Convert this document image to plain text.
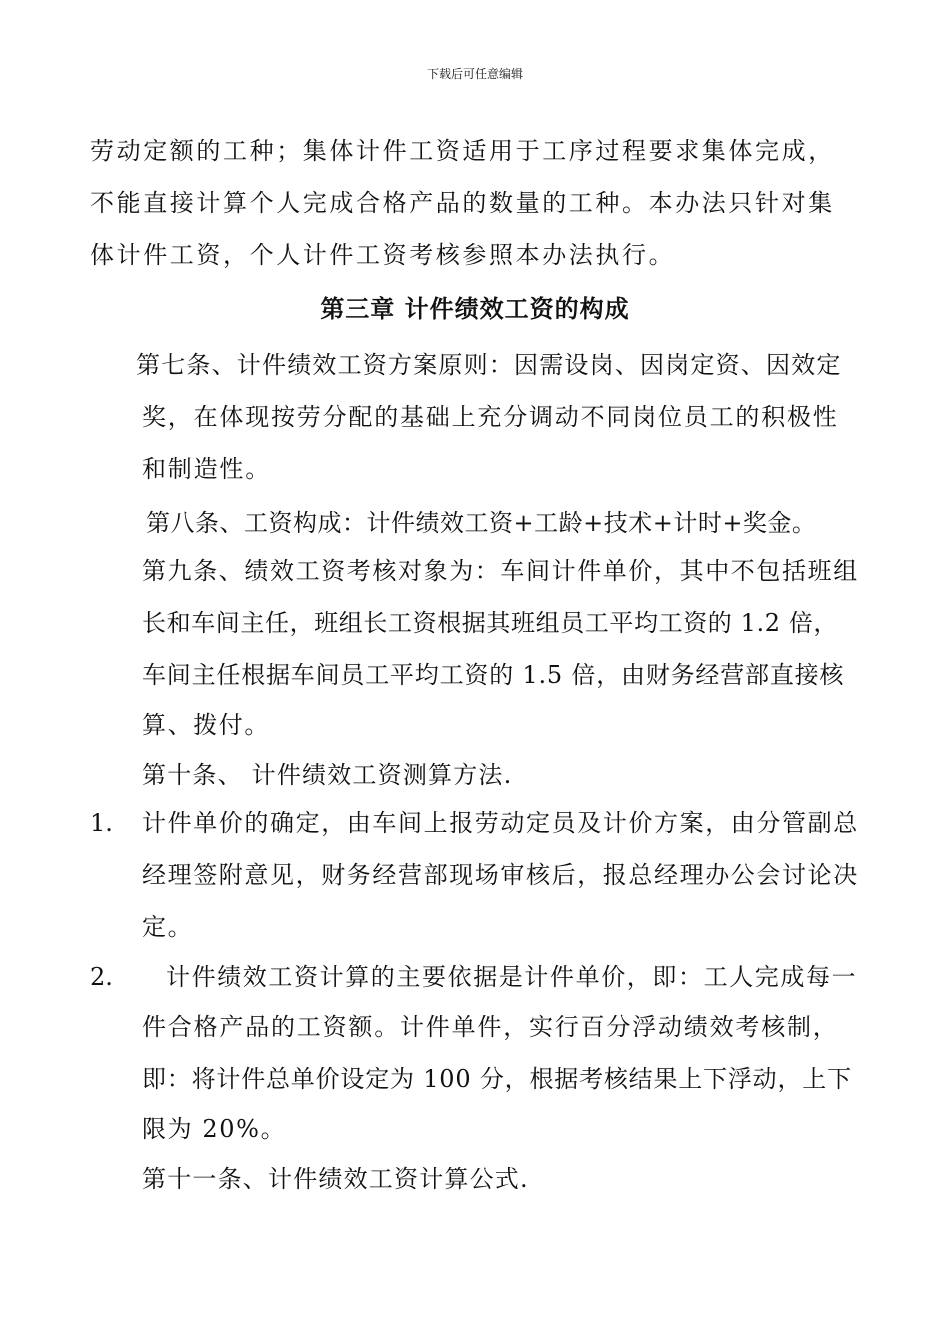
下载后可任意编辑
劳动定额的工种；集体计件工资适用于工序过程要求集体完成，
不能直接计算个人完成合格产品的数量的工种。本办法只针对集
体计件工资，个人计件工资考核参照本办法执行。
第三章 计件绩效工资的构成
第七条、计件绩效工资方案原则：因需设岗、因岗定资、因效定
奖，在体现按劳分配的基础上充分调动不同岗位员工的积极性
和制造性。
第八条、工资构成：计件绩效工资+工龄+技术+计时+奖金。
第九条、绩效工资考核对象为：车间计件单价，其中不包括班组
长和车间主任，班组长工资根据其班组员工平均工资的 1.2 倍，
车间主任根据车间员工平均工资的 1.5 倍，由财务经营部直接核
算、拨付。
第十条、 计件绩效工资测算方法.
1. 计件单价的确定，由车间上报劳动定员及计价方案，由分管副总
经理签附意见，财务经营部现场审核后，报总经理办公会讨论决
定。
2. 计件绩效工资计算的主要依据是计件单价，即：工人完成每一
件合格产品的工资额。计件单件，实行百分浮动绩效考核制，
即：将计件总单价设定为 100 分，根据考核结果上下浮动，上下
限为 20%。
第十一条、计件绩效工资计算公式.
